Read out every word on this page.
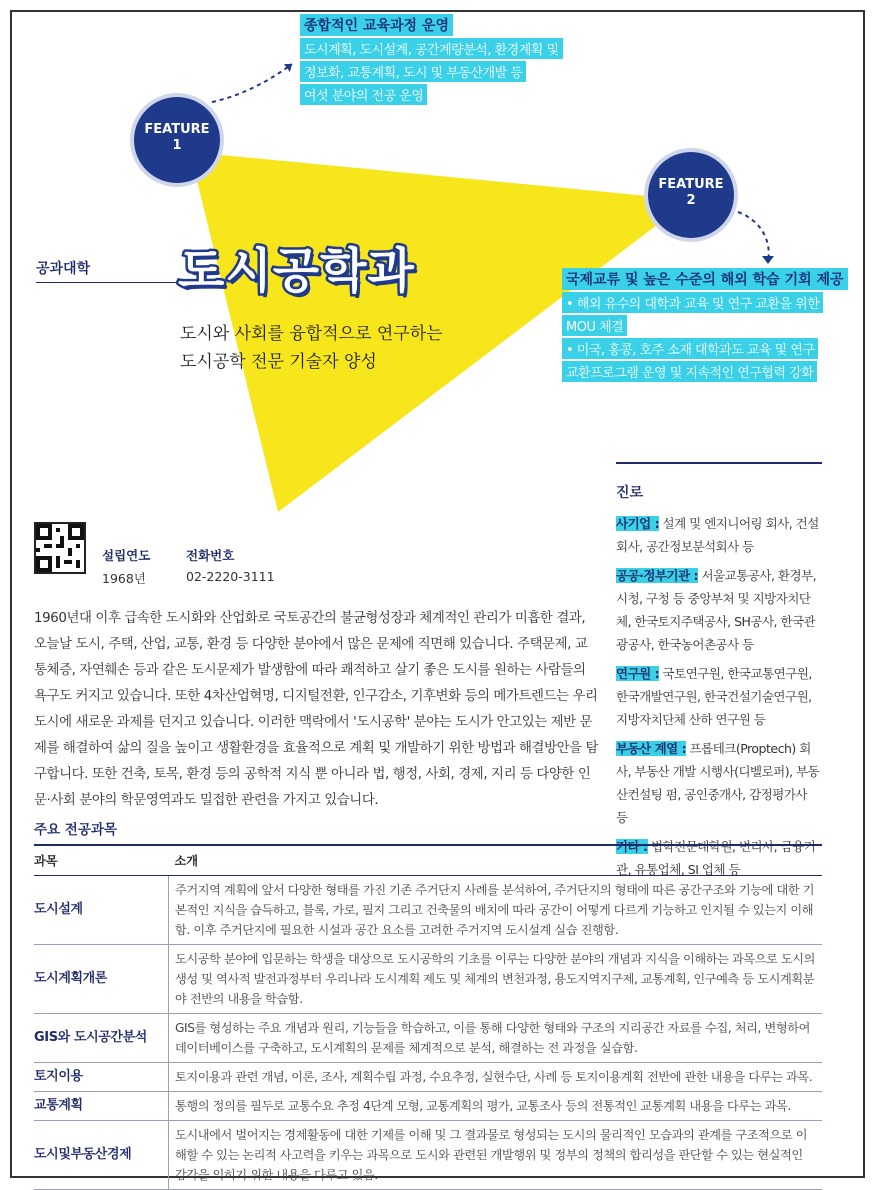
FEATURE
1
종합적인 교육과정 운영
도시계획, 도시설계, 공간계량분석, 환경계획 및
정보화, 교통계획, 도시 및 부동산개발 등
여섯 분야의 전공 운영
FEATURE
2
국제교류 및 높은 수준의 해외 학습 기회 제공
• 해외 유수의 대학과 교육 및 연구 교환을 위한
MOU 체결
• 미국, 홍콩, 호주 소재 대학과도 교육 및 연구
교환프로그램 운영 및 지속적인 연구협력 강화
공과대학 도시공학과
도시와 사회를 융합적으로 연구하는
도시공학 전문 기술자 양성
설립연도
1968년
전화번호
02-2220-3111
1960년대 이후 급속한 도시화와 산업화로 국토공간의 불균형성장과 체계적인 관리가 미흡한 결과, 오늘날 도시, 주택, 산업, 교통, 환경 등 다양한 분야에서 많은 문제에 직면해 있습니다. 주택문제, 교통체증, 자연훼손 등과 같은 도시문제가 발생함에 따라 쾌적하고 살기 좋은 도시를 원하는 사람들의 욕구도 커지고 있습니다. 또한 4차산업혁명, 디지털전환, 인구감소, 기후변화 등의 메가트렌드는 우리 도시에 새로운 과제를 던지고 있습니다. 이러한 맥락에서 '도시공학' 분야는 도시가 안고있는 제반 문제를 해결하여 삶의 질을 높이고 생활환경을 효율적으로 계획 및 개발하기 위한 방법과 해결방안을 탐구합니다. 또한 건축, 토목, 환경 등의 공학적 지식 뿐 아니라 법, 행정, 사회, 경제, 지리 등 다양한 인문·사회 분야의 학문영역과도 밀접한 관련을 가지고 있습니다.
진로

사기업 : 설계 및 엔지니어링 회사, 건설회사, 공간정보분석회사 등

공공·정부기관 : 서울교통공사, 환경부, 시청, 구청 등 중앙부처 및 지방자치단체, 한국토지주택공사, SH공사, 한국관광공사, 한국농어촌공사 등

연구원 : 국토연구원, 한국교통연구원, 한국개발연구원, 한국건설기술연구원, 지방자치단체 산하 연구원 등

부동산 계열 : 프롭테크(Proptech) 회사, 부동산 개발 시행사(디벨로퍼), 부동산컨설팅 펌, 공인중개사, 감정평가사 등

기타 : 법학전문대학원, 변리사, 금융기관, 유통업체, SI 업체 등

주요 전공과목
과목	소개
도시설계	주거지역 계획에 앞서 다양한 형태를 가진 기존 주거단지 사례를 분석하여, 주거단지의 형태에 따른 공간구조와 기능에 대한 기본적인 지식을 습득하고, 블록, 가로, 필지 그리고 건축물의 배치에 따라 공간이 어떻게 다르게 기능하고 인지될 수 있는지 이해함. 이후 주거단지에 필요한 시설과 공간 요소를 고려한 주거지역 도시설계 실습 진행함.
도시계획개론	도시공학 분야에 입문하는 학생을 대상으로 도시공학의 기초를 이루는 다양한 분야의 개념과 지식을 이해하는 과목으로 도시의 생성 및 역사적 발전과정부터 우리나라 도시계획 제도 및 체계의 변천과정, 용도지역지구제, 교통계획, 인구예측 등 도시계획분야 전반의 내용을 학습함.
GIS와 도시공간분석	GIS를 형성하는 주요 개념과 원리, 기능들을 학습하고, 이를 통해 다양한 형태와 구조의 지리공간 자료를 수집, 처리, 변형하여 데이터베이스를 구축하고, 도시계획의 문제를 체계적으로 분석, 해결하는 전 과정을 실습함.
토지이용	토지이용과 관련 개념, 이론, 조사, 계획수립 과정, 수요추정, 실현수단, 사례 등 토지이용계획 전반에 관한 내용을 다루는 과목.
교통계획	통행의 정의를 필두로 교통수요 추정 4단계 모형, 교통계획의 평가, 교통조사 등의 전통적인 교통계획 내용을 다루는 과목.
도시및부동산경제	도시내에서 벌어지는 경제활동에 대한 기제를 이해 및 그 결과물로 형성되는 도시의 물리적인 모습과의 관계를 구조적으로 이해할 수 있는 논리적 사고력을 키우는 과목으로 도시와 관련된 개발행위 및 정부의 정책의 합리성을 판단할 수 있는 현실적인 감각을 익히기 위한 내용을 다루고 있음.
